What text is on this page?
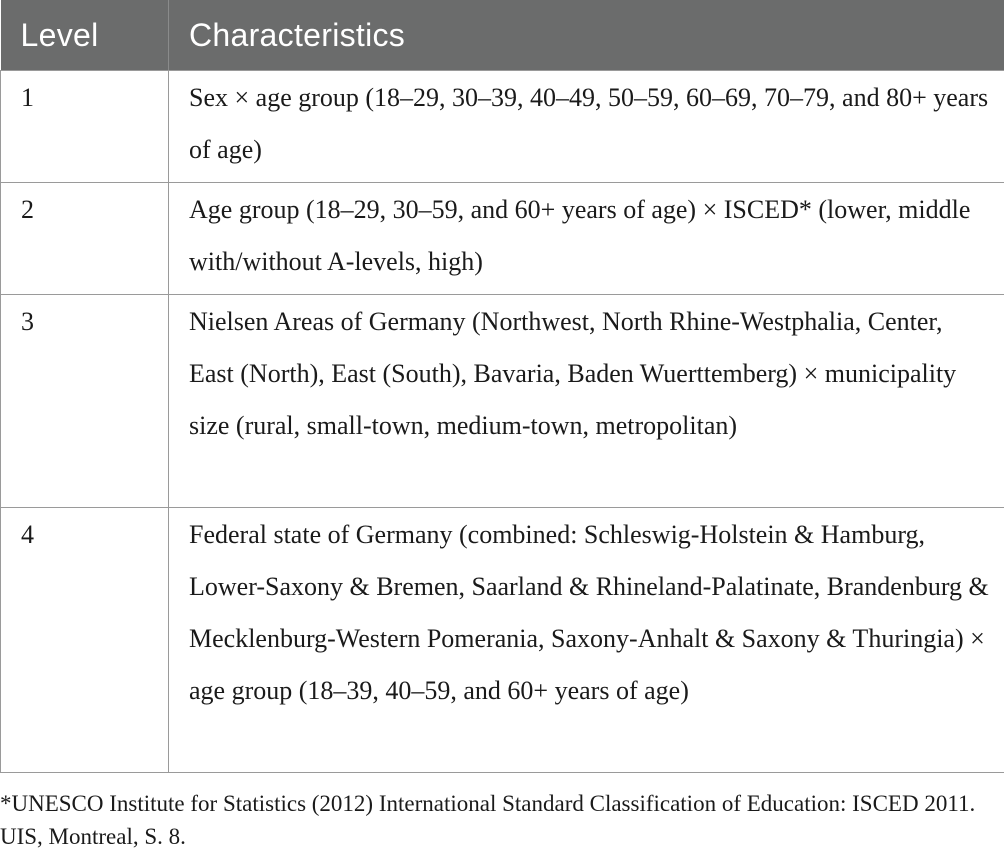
Level	Characteristics
1	Sex × age group (18–29, 30–39, 40–49, 50–59, 60–69, 70–79, and 80+ years of age)
2	Age group (18–29, 30–59, and 60+ years of age) × ISCED* (lower, middle with/without A-levels, high)
3	Nielsen Areas of Germany (Northwest, North Rhine-Westphalia, Center, East (North), East (South), Bavaria, Baden Wuerttemberg) × municipality size (rural, small-town, medium-town, metropolitan)
4	Federal state of Germany (combined: Schleswig-Holstein & Hamburg, Lower-Saxony & Bremen, Saarland & Rhineland-Palatinate, Brandenburg & Mecklenburg-Western Pomerania, Saxony-Anhalt & Saxony & Thuringia) × age group (18–39, 40–59, and 60+ years of age)
*UNESCO Institute for Statistics (2012) International Standard Classification of Education: ISCED 2011. UIS, Montreal, S. 8.
